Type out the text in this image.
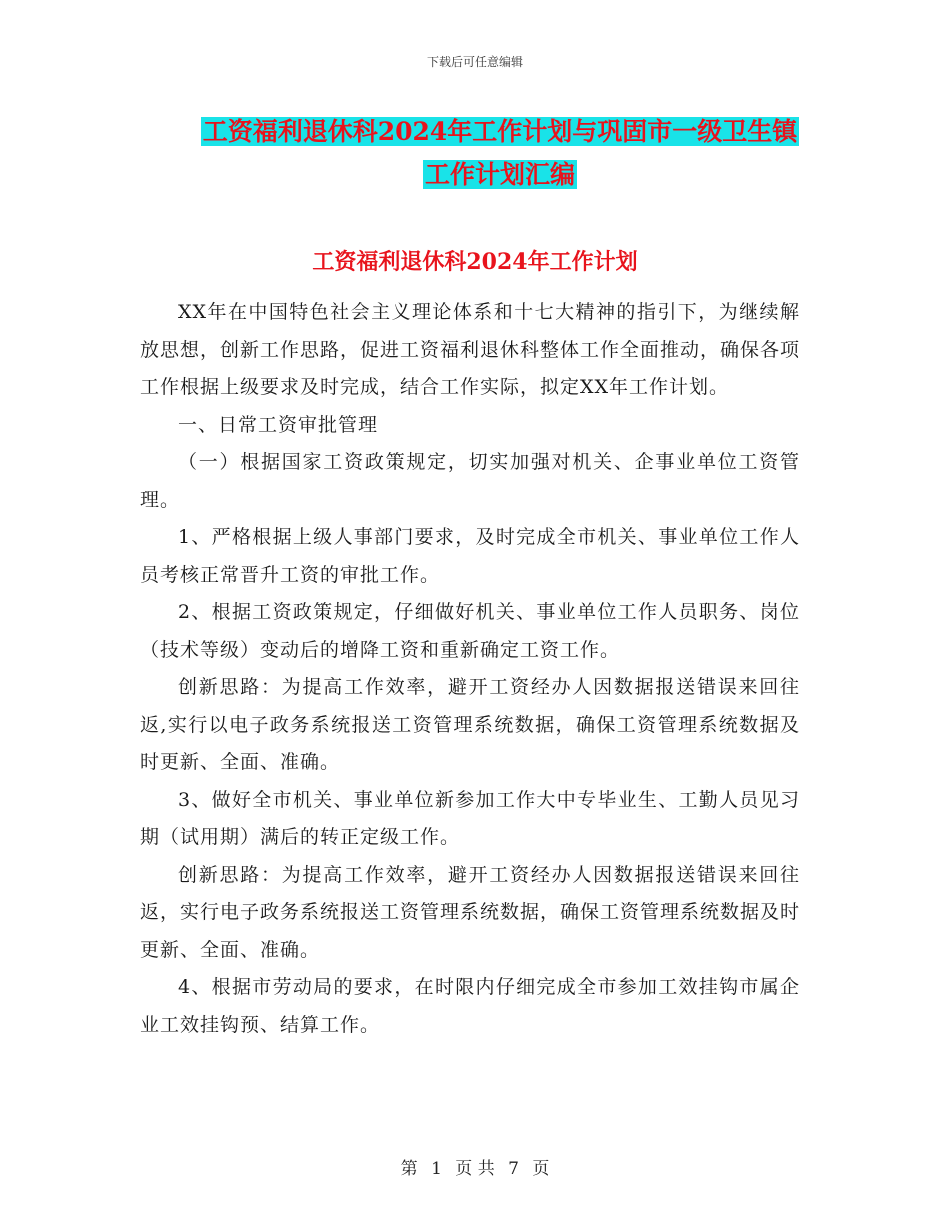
下载后可任意编辑
工资福利退休科2024年工作计划与巩固市一级卫生镇
工作计划汇编
工资福利退休科2024年工作计划

XX年在中国特色社会主义理论体系和十七大精神的指引下，为继续解放思想，创新工作思路，促进工资福利退休科整体工作全面推动，确保各项工作根据上级要求及时完成，结合工作实际，拟定XX年工作计划。

一、日常工资审批管理

（一）根据国家工资政策规定，切实加强对机关、企事业单位工资管理。

1、严格根据上级人事部门要求，及时完成全市机关、事业单位工作人员考核正常晋升工资的审批工作。

2、根据工资政策规定，仔细做好机关、事业单位工作人员职务、岗位（技术等级）变动后的增降工资和重新确定工资工作。

创新思路：为提高工作效率，避开工资经办人因数据报送错误来回往返,实行以电子政务系统报送工资管理系统数据，确保工资管理系统数据及时更新、全面、准确。

3、做好全市机关、事业单位新参加工作大中专毕业生、工勤人员见习期（试用期）满后的转正定级工作。

创新思路：为提高工作效率，避开工资经办人因数据报送错误来回往返，实行电子政务系统报送工资管理系统数据，确保工资管理系统数据及时更新、全面、准确。

4、根据市劳动局的要求，在时限内仔细完成全市参加工效挂钩市属企业工效挂钩预、结算工作。

第 1 页 共 7 页
